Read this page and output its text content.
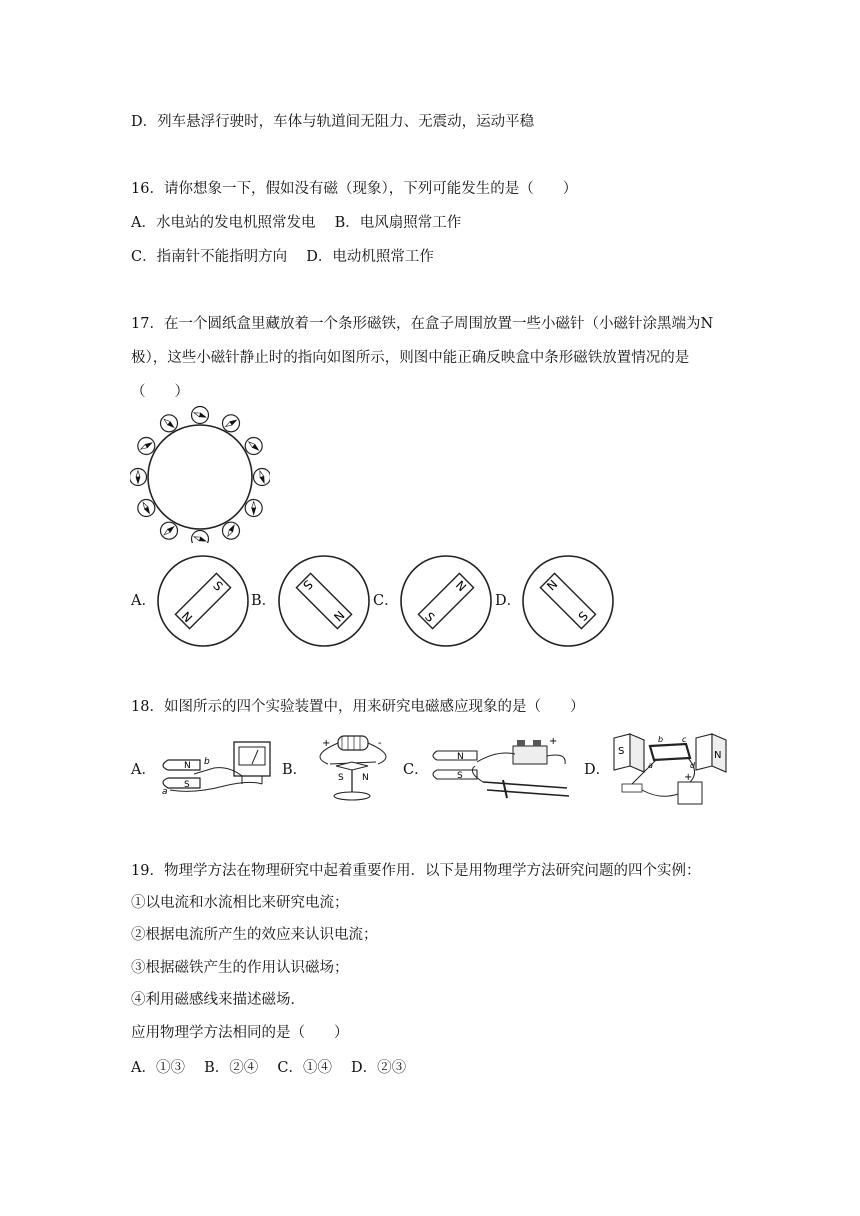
D．列车悬浮行驶时，车体与轨道间无阻力、无震动，运动平稳
16．请你想象一下，假如没有磁（现象），下列可能发生的是（　　）
A．水电站的发电机照常发电　 B．电风扇照常工作
C．指南针不能指明方向　 D．电动机照常工作
17．在一个圆纸盒里藏放着一个条形磁铁，在盒子周围放置一些小磁针（小磁针涂黑端为N
极），这些小磁针静止时的指向如图所示，则图中能正确反映盒中条形磁铁放置情况的是
（　　）
A．	B．	C．	D．
N
S
N
S
S
N
S
N
18．如图所示的四个实验装置中，用来研究电磁感应现象的是（　　）
A．	B．	C．	D．
N
S
b
a
+	-
S N
N
S
+
S	N
b c
a	d
+
19．物理学方法在物理研究中起着重要作用．以下是用物理学方法研究问题的四个实例：
①以电流和水流相比来研究电流；
②根据电流所产生的效应来认识电流；
③根据磁铁产生的作用认识磁场；
④利用磁感线来描述磁场．
应用物理学方法相同的是（　　）
A．①③　 B．②④　 C．①④　 D．②③
